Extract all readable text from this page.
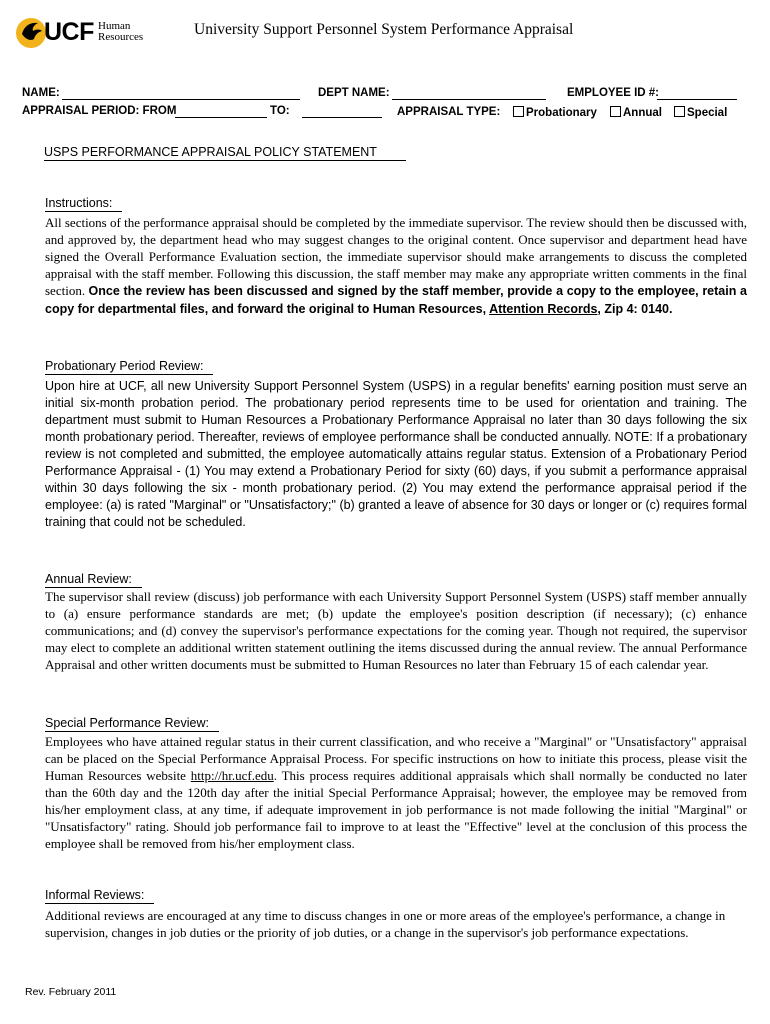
UCF Human
Resources	University Support Personnel System Performance Appraisal
NAME:	DEPT NAME:	EMPLOYEE ID #:
APPRAISAL PERIOD: FROM	TO:	APPRAISAL TYPE:	Probationary	Annual	Special
USPS PERFORMANCE APPRAISAL POLICY STATEMENT
Instructions:
All sections of the performance appraisal should be completed by the immediate supervisor. The review should then be discussed with, and approved by, the department head who may suggest changes to the original content. Once supervisor and department head have signed the Overall Performance Evaluation section, the immediate supervisor should make arrangements to discuss the completed appraisal with the staff member. Following this discussion, the staff member may make any appropriate written comments in the final section. Once the review has been discussed and signed by the staff member, provide a copy to the employee, retain a copy for departmental files, and forward the original to Human Resources, Attention Records, Zip 4: 0140.
Probationary Period Review:
Upon hire at UCF, all new University Support Personnel System (USPS) in a regular benefits' earning position must serve an initial six-month probation period. The probationary period represents time to be used for orientation and training. The department must submit to Human Resources a Probationary Performance Appraisal no later than 30 days following the six month probationary period. Thereafter, reviews of employee performance shall be conducted annually. NOTE: If a probationary review is not completed and submitted, the employee automatically attains regular status. Extension of a Probationary Period Performance Appraisal - (1) You may extend a Probationary Period for sixty (60) days, if you submit a performance appraisal within 30 days following the six - month probationary period. (2) You may extend the performance appraisal period if the employee: (a) is rated "Marginal" or "Unsatisfactory;" (b) granted a leave of absence for 30 days or longer or (c) requires formal training that could not be scheduled.
Annual Review:
The supervisor shall review (discuss) job performance with each University Support Personnel System (USPS) staff member annually to (a) ensure performance standards are met; (b) update the employee's position description (if necessary); (c) enhance communications; and (d) convey the supervisor's performance expectations for the coming year. Though not required, the supervisor may elect to complete an additional written statement outlining the items discussed during the annual review. The annual Performance Appraisal and other written documents must be submitted to Human Resources no later than February 15 of each calendar year.
Special Performance Review:
Employees who have attained regular status in their current classification, and who receive a "Marginal" or "Unsatisfactory" appraisal can be placed on the Special Performance Appraisal Process. For specific instructions on how to initiate this process, please visit the Human Resources website http://hr.ucf.edu. This process requires additional appraisals which shall normally be conducted no later than the 60th day and the 120th day after the initial Special Performance Appraisal; however, the employee may be removed from his/her employment class, at any time, if adequate improvement in job performance is not made following the initial "Marginal" or "Unsatisfactory" rating. Should job performance fail to improve to at least the "Effective" level at the conclusion of this process the employee shall be removed from his/her employment class.
Informal Reviews:
Additional reviews are encouraged at any time to discuss changes in one or more areas of the employee's performance, a change in supervision, changes in job duties or the priority of job duties, or a change in the supervisor's job performance expectations.
Rev. February 2011
